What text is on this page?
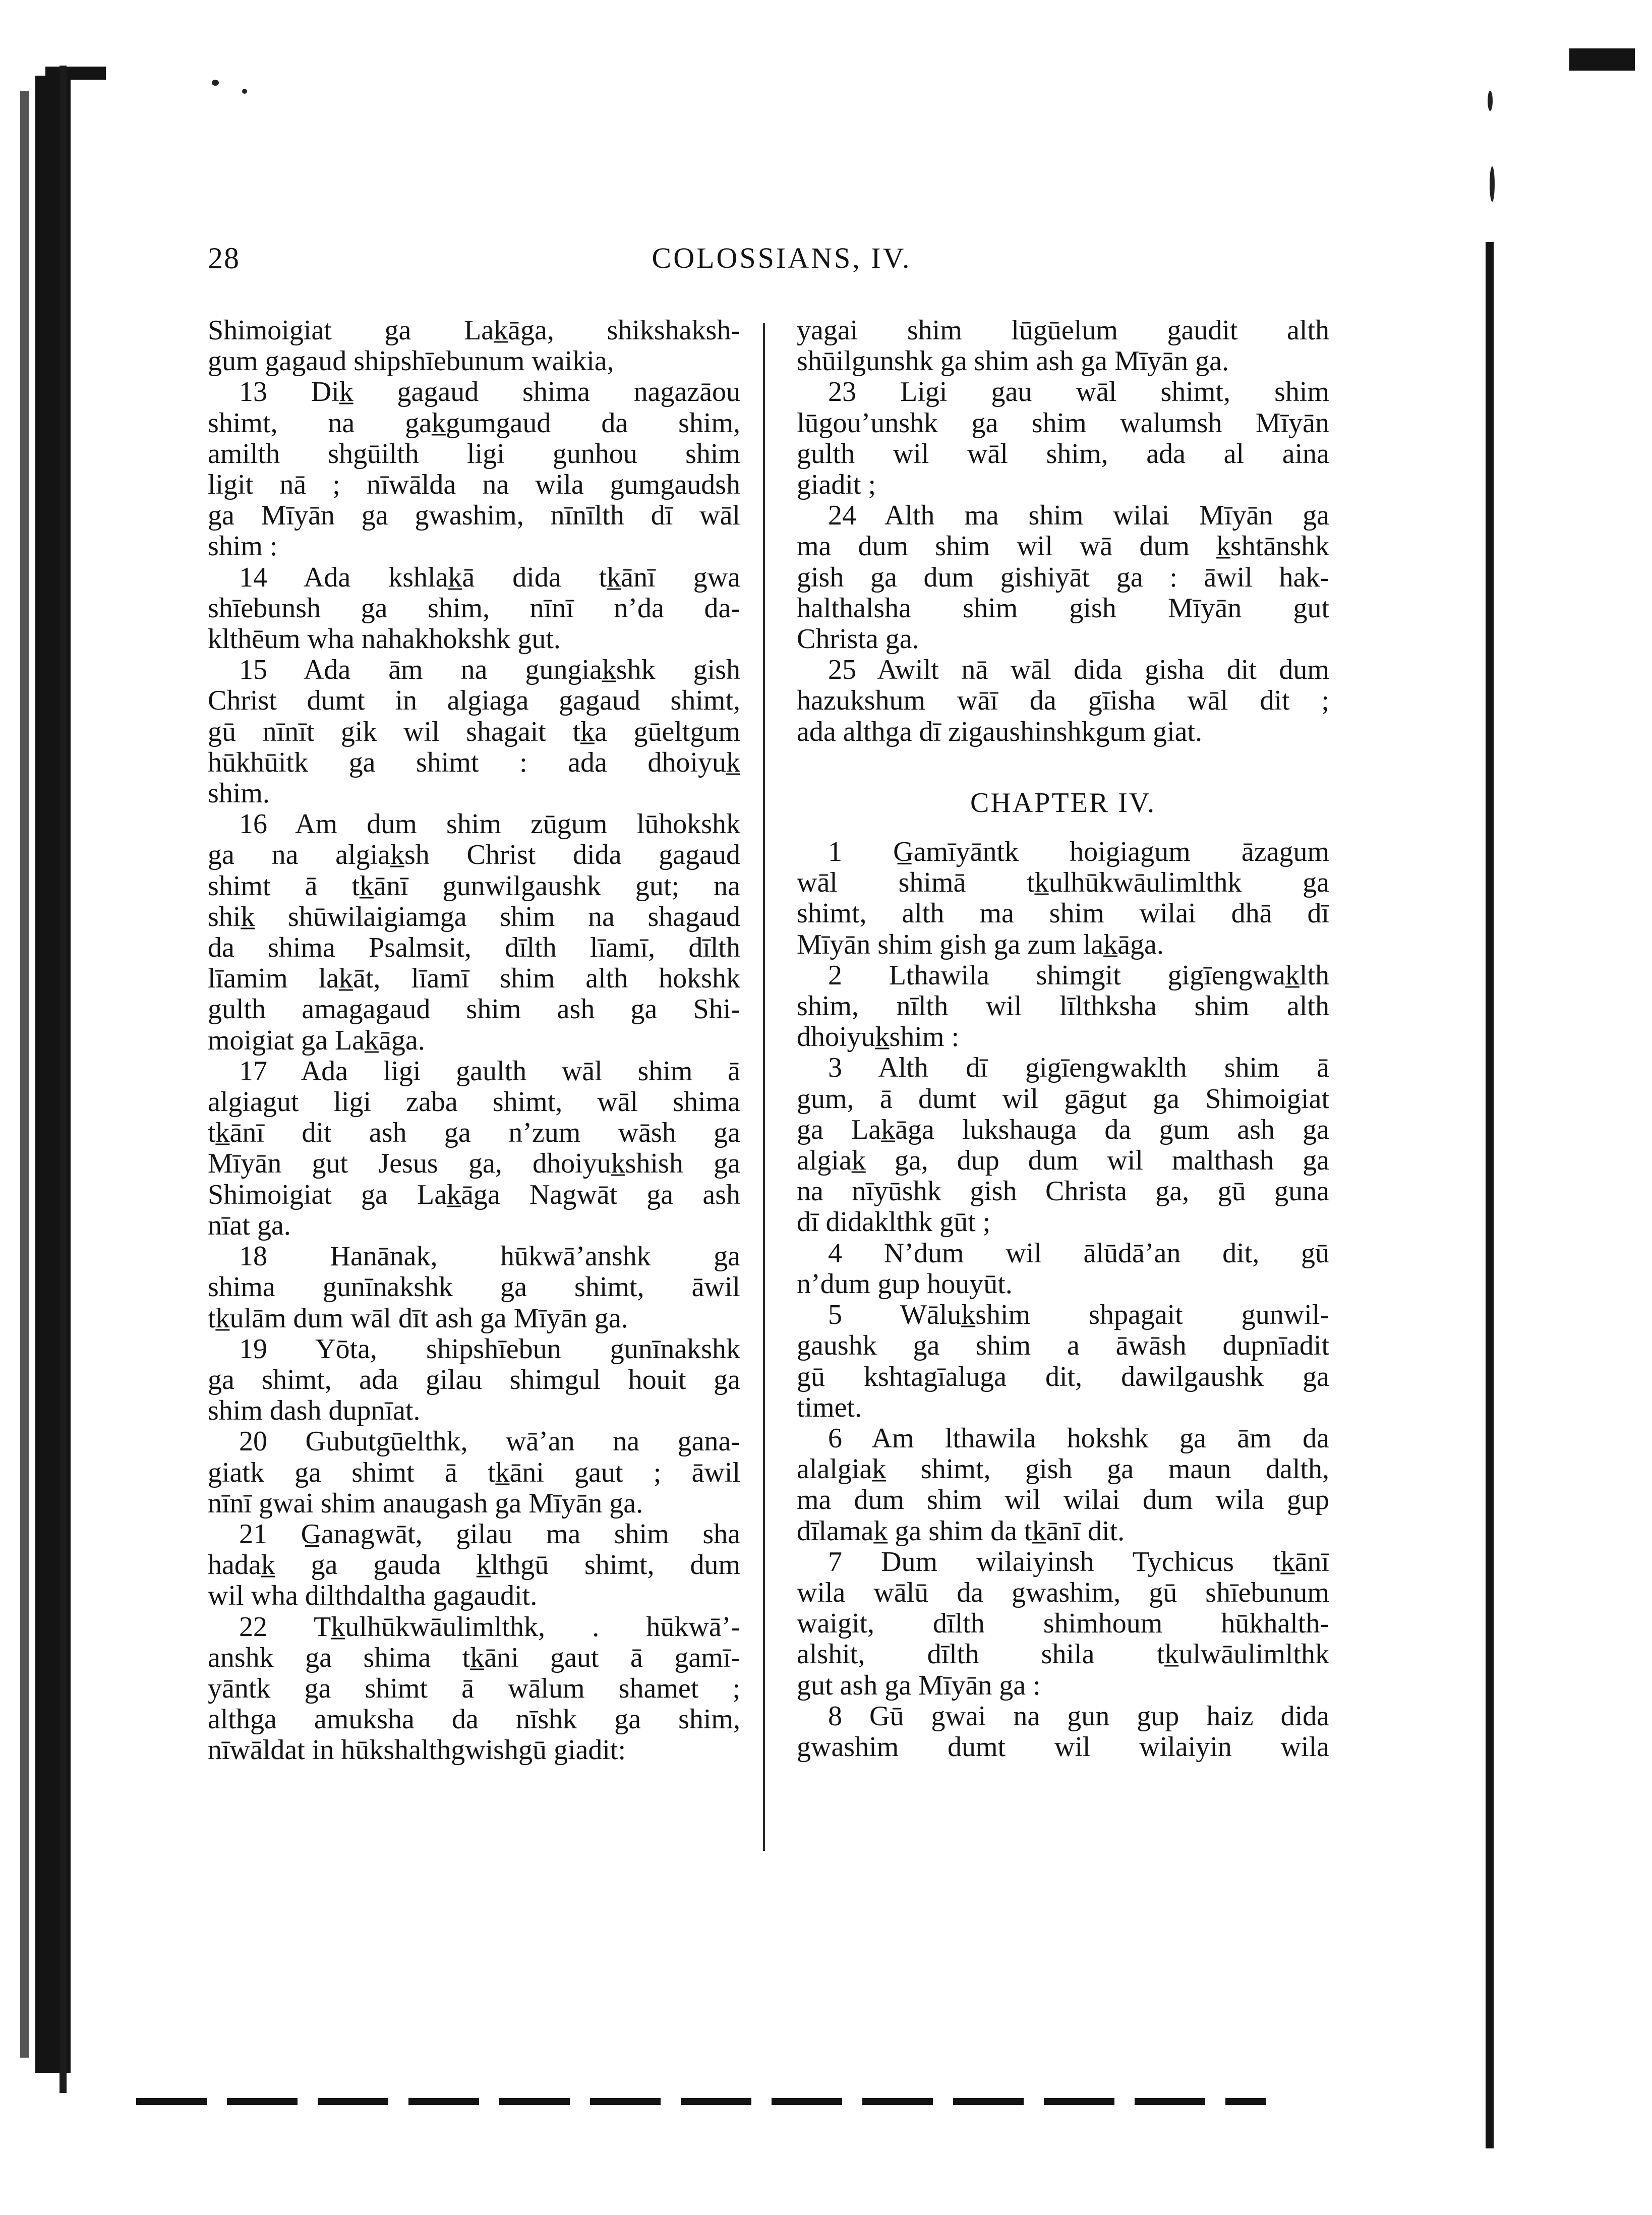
28	COLOSSIANS, IV.
Shimoigiat ga Lak̲āga, shikshaksh-
gum gagaud shipshīebunum waikia,
13 Dik̲ gagaud shima nagazāou
shimt, na gak̲gumgaud da shim,
amilth shgūilth lig̲i gunhou shim
ligit nā ; nīwālda na wila gumgaudsh
ga Mīyān ga gwashim, nīnīlth dī wāl
shim :
14 Ada kshlak̲ā dida tk̲ānī gwa
shīebunsh ga shim, nīnī n’da da-
klthēum wha nahakhokshk gut.
15 Ada ām na gungiak̲shk gish
Christ dumt in alg̲iaga gagaud shimt,
gū nīnīt gik wil shagait tk̲a gūeltgum
hūkhūitk ga shimt : ada dhoiyuk̲
shim.
16 Am dum shim zūgum lūhokshk
ga na algiak̲sh Christ dida gagaud
shimt ā tk̲ānī gunwilgaushk gut; na
shik̲ shūwilaigiamga shim na shagaud
da shima Psalmsit, dīlth līamī, dīlth
līamim lak̲āt, līamī shim alth hokshk
gulth amagagaud shim ash ga Shi-
moigiat ga Lak̲āga.
17 Ada lig̲i gaulth wāl shim ā
algiagut lig̲i zaba shimt, wāl shima
tk̲ānī dit ash ga n’zum wāsh ga
Mīyān gut Jesus ga, dhoiyuk̲shish ga
Shimoigiat ga Lak̲āga Nagwāt ga ash
nīat ga.
18 Hanānak, hūkwā’anshk ga
shima gunīnakshk ga shimt, āwil
tk̲ulām dum wāl dīt ash ga Mīyān ga.
19 Yōta, shipshīebun gunīnakshk
ga shimt, ada g̲ilau shimgul houit ga
shim dash dupnīat.
20 Gubutgūelthk, wā’an na gana-
giatk ga shimt ā tk̲āni gaut ; āwil
nīnī gwai shim anaugash ga Mīyān ga.
21 G̲anagwāt, g̲ilau ma shim sha
hadak̲ ga gauda k̲lthgū shimt, dum
wil wha dilthdaltha gagaudit.
22 Tk̲ulhūkwāulimlthk, . hūkwā’-
anshk ga shima tk̲āni gaut ā g̲amī-
yāntk ga shimt ā wālum shamet ;
althga amuksha da nīshk ga shim,
nīwāldat in hūkshalthg̲wishgū giadit:
yag̲ai shim lūgūelum gaudit alth
shūilgunshk ga shim ash ga Mīyān ga.
23 Ligi gau wāl shimt, shim
lūgou’unshk ga shim walumsh Mīyān
gulth wil wāl shim, ada al aina
giadit ;
24 Alth ma shim wilai Mīyān ga
ma dum shim wil wā dum k̲shtānshk
gish ga dum gishiyāt ga : āwil hak-
halthalsha shim gish Mīyān gut
Christa ga.
25 Awilt nā wāl dida g̲isha dit dum
hazukshum wāī da g̲īisha wāl dit ;
ada althga dī zigaushinshkgum giat.
CHAPTER IV.
1 G̲amīyāntk hoigiagum āzagum
wāl shimā tk̲ulhūkwāulimlthk ga
shimt, alth ma shim wilai dhā dī
Mīyān shim gish ga zum lak̲āga.
2 Lthawila shimgit gigīengwak̲lth
shim, nīlth wil līlthksha shim alth
dhoiyuk̲shim :
3 Alth dī gigīengwaklth shim ā
gum, ā dumt wil gāgut ga Shimoigiat
ga Lak̲āga lukshauga da gum ash ga
algiak̲ ga, dup dum wil malthash ga
na nīyūshk gish Christa ga, gū guna
dī didaklthk gūt ;
4 N’dum wil ālūdā’an dit, gū
n’dum gup houyūt.
5 Wāluk̲shim shpagait gunwil-
gaushk ga shim a āwāsh dupnīadit
gū kshtagīaluga dit, dawilgaushk ga
timet.
6 Am lthawila hokshk ga ām da
alalgiak̲ shimt, gish ga maun dalth,
ma dum shim wil wilai dum wila gup
dīlamak̲ ga shim da tk̲ānī dit.
7 Dum wilaiyinsh Tychicus tk̲ānī
wila wālū da gwashim, gū shīebunum
waigit, dīlth shimhoum hūkhalth-
alshit, dīlth shila tk̲ulwāulimlthk
gut ash ga Mīyān ga :
8 Gū gwai na gun gup haiz dida
gwashim dumt wil wilaiyin wila
